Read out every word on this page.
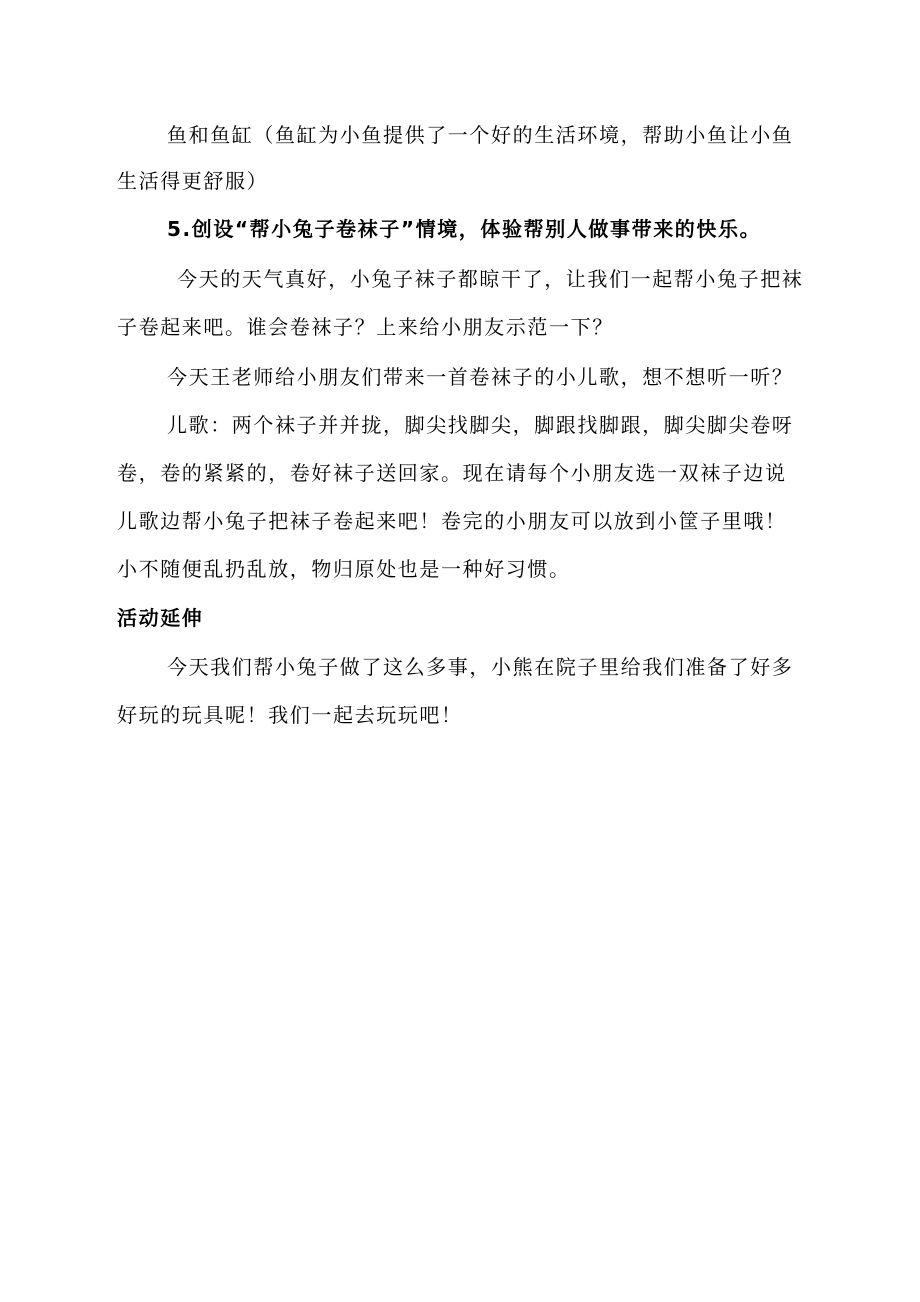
鱼和鱼缸（鱼缸为小鱼提供了一个好的生活环境，帮助小鱼让小鱼
生活得更舒服）
5.创设“帮小兔子卷袜子”情境，体验帮别人做事带来的快乐。
今天的天气真好，小兔子袜子都晾干了，让我们一起帮小兔子把袜
子卷起来吧。谁会卷袜子？上来给小朋友示范一下？
今天王老师给小朋友们带来一首卷袜子的小儿歌，想不想听一听？
儿歌：两个袜子并并拢，脚尖找脚尖，脚跟找脚跟，脚尖脚尖卷呀
卷，卷的紧紧的，卷好袜子送回家。现在请每个小朋友选一双袜子边说
儿歌边帮小兔子把袜子卷起来吧！卷完的小朋友可以放到小筐子里哦！
小不随便乱扔乱放，物归原处也是一种好习惯。
活动延伸
今天我们帮小兔子做了这么多事，小熊在院子里给我们准备了好多
好玩的玩具呢！我们一起去玩玩吧！
